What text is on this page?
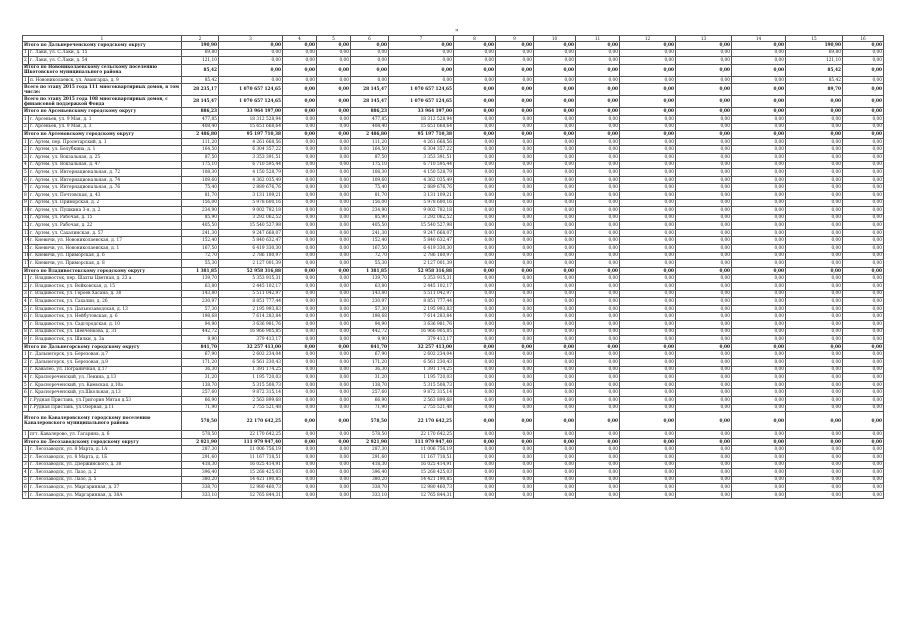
"
1		2	3	4	5	6	7	8	9	10	11	12	13	14	15	16
Итого по Дальнереченскому городскому округу		190,90	0,00	0,00	0,00	0,00	0,00	0,00	0,00	0,00	0,00	0,00	0,00	0,00	190,90	0,00
1	г. Лаки, ул. С.Лаки, д. 15	69,80	0,00	0,00	0,00	0,00	0,00	0,00	0,00	0,00	0,00	0,00	0,00	0,00	69,80	0,00
2	г. Лаки, ул. С.Лаки, д. 54	121,10	0,00	0,00	0,00	0,00	0,00	0,00	0,00	0,00	0,00	0,00	0,00	0,00	121,10	0,00
Итого по Новониколаевскому сельскому поселению Шкотовского муниципального района		85,42	0,00	0,00	0,00	0,00	0,00	0,00	0,00	0,00	0,00	0,00	0,00	0,00	85,42	0,00
1	п. Новониколаевск, ул. Авангарда, д. 9	85,42	0,00	0,00	0,00	0,00	0,00	0,00	0,00	0,00	0,00	0,00	0,00	0,00	85,42	0,00
Всего по этапу 2015 года 111 многоквартирных домов, в том числе:		28 235,17	1 070 657 124,65	0,00	0,00	28 145,47	1 070 657 124,65	0,00	0,00	0,00	0,00	0,00	0,00	0,00	89,70	0,00
Всего по этапу 2015 года 108 многоквартирных домов, с финансовой поддержкой Фонда		28 145,47	1 070 657 124,65	0,00	0,00	28 145,47	1 070 657 124,65	0,00	0,00	0,00	0,00	0,00	0,00	0,00	0,00	0,00
Итого по Арсеньевскому городскому округу		886,23	33 964 197,00	0,00	0,00	886,23	33 964 197,00	0,00	0,00	0,00	0,00	0,00	0,00	0,00	0,00	0,00
1	г. Арсеньев, ул. 9 Мая, д. 1	477,85	18 312 528,94	0,00	0,00	477,85	18 312 528,94	0,00	0,00	0,00	0,00	0,00	0,00	0,00	0,00	0,00
2	г. Арсеньев, ул. 9 Мая, д. 3	408,40	15 651 668,64	0,00	0,00	408,40	15 651 668,64	0,00	0,00	0,00	0,00	0,00	0,00	0,00	0,00	0,00
Итого по Артемовскому городскому округу		2 486,80	95 197 710,38	0,00	0,00	2 486,80	95 197 710,38	0,00	0,00	0,00	0,00	0,00	0,00	0,00	0,00	0,00
1	г. Артем, пер. Пролетарский, д. 1	111,20	4 261 668,56	0,00	0,00	111,20	4 261 668,56	0,00	0,00	0,00	0,00	0,00	0,00	0,00	0,00	0,00
2	г. Артем, ул. Белубкина, д. 1	164,50	6 304 357,22	0,00	0,00	164,50	6 304 357,22	0,00	0,00	0,00	0,00	0,00	0,00	0,00	0,00	0,00
3	г. Артем, ул. Вокзальная, д. 25	87,50	3 353 391,51	0,00	0,00	87,50	3 353 391,51	0,00	0,00	0,00	0,00	0,00	0,00	0,00	0,00	0,00
4	г. Артем, ул. Вокзальная, д. 47	175,10	6 710 595,44	0,00	0,00	175,10	6 710 595,44	0,00	0,00	0,00	0,00	0,00	0,00	0,00	0,00	0,00
5	г. Артем, ул. Интернациональная, д. 72	108,30	4 150 528,79	0,00	0,00	108,30	4 150 528,79	0,00	0,00	0,00	0,00	0,00	0,00	0,00	0,00	0,00
6	г. Артем, ул. Интернациональная, д. 74	109,60	4 362 035,49	0,00	0,00	109,60	4 362 035,49	0,00	0,00	0,00	0,00	0,00	0,00	0,00	0,00	0,00
7	г. Артем, ул. Интернациональная, д. 76	75,40	2 889 676,76	0,00	0,00	75,40	2 889 676,76	0,00	0,00	0,00	0,00	0,00	0,00	0,00	0,00	0,00
8	г. Артем, ул. Почтовская, д. 43	81,70	3 131 109,21	0,00	0,00	81,70	3 131 109,21	0,00	0,00	0,00	0,00	0,00	0,00	0,00	0,00	0,00
9	г. Артем, ул. Приморская, д. 2	156,00	5 978 600,16	0,00	0,00	156,00	5 978 600,16	0,00	0,00	0,00	0,00	0,00	0,00	0,00	0,00	0,00
10	г. Артем, ул. Пушкина 3-я, д. 2	234,90	9 002 782,18	0,00	0,00	234,90	9 002 782,18	0,00	0,00	0,00	0,00	0,00	0,00	0,00	0,00	0,00
11	г. Артем, ул. Рабочая, д. 15	85,90	3 292 062,52	0,00	0,00	85,90	3 292 062,52	0,00	0,00	0,00	0,00	0,00	0,00	0,00	0,00	0,00
12	г. Артем, ул. Рабочая, д. 22	405,50	15 540 527,98	0,00	0,00	405,50	15 540 527,98	0,00	0,00	0,00	0,00	0,00	0,00	0,00	0,00	0,00
13	г. Артем, ул. Сахалинская, д. 57	241,30	9 247 668,07	0,00	0,00	241,30	9 247 668,07	0,00	0,00	0,00	0,00	0,00	0,00	0,00	0,00	0,00
14	г. Кневичи, ул. Новониколаевская, д. 17	152,40	5 840 632,47	0,00	0,00	152,40	5 840 632,47	0,00	0,00	0,00	0,00	0,00	0,00	0,00	0,00	0,00
15	г. Кневичи, ул. Новониколаевская, д. 1	167,50	6 419 330,30	0,00	0,00	167,50	6 419 330,30	0,00	0,00	0,00	0,00	0,00	0,00	0,00	0,00	0,00
16	г. Кневичи, ул. Приморская, д. 6	72,70	2 786 180,97	0,00	0,00	72,70	2 786 180,97	0,00	0,00	0,00	0,00	0,00	0,00	0,00	0,00	0,00
17	г. Кневичи, ул. Приморская, д. 8	55,30	2 127 001,39	0,00	0,00	55,30	2 127 001,39	0,00	0,00	0,00	0,00	0,00	0,00	0,00	0,00	0,00
Итого по Владивостокскому городскому округу		1 381,85	52 958 316,88	0,00	0,00	1 381,85	52 958 316,88	0,00	0,00	0,00	0,00	0,00	0,00	0,00	0,00	0,00
1	г. Владивосток, пер. Шахты Цветная, д. 23 а	139,70	5 353 915,31	0,00	0,00	139,70	5 353 915,31	0,00	0,00	0,00	0,00	0,00	0,00	0,00	0,00	0,00
2	г. Владивосток, ул. Войковская, д. 15	63,80	2 445 102,17	0,00	0,00	63,80	2 445 102,17	0,00	0,00	0,00	0,00	0,00	0,00	0,00	0,00	0,00
3	г. Владивосток, ул. Героев Хасана, д. 30	143,80	5 511 042,97	0,00	0,00	143,80	5 511 042,97	0,00	0,00	0,00	0,00	0,00	0,00	0,00	0,00	0,00
4	г. Владивосток, ул. Сахалин, д. 26	230,97	8 851 777,44	0,00	0,00	230,97	8 851 777,44	0,00	0,00	0,00	0,00	0,00	0,00	0,00	0,00	0,00
5	г. Владивосток, ул. Дальнозаводская, д. 13	57,30	2 195 993,83	0,00	0,00	57,30	2 195 993,83	0,00	0,00	0,00	0,00	0,00	0,00	0,00	0,00	0,00
6	г. Владивосток, ул. Нейбутовская, д. 6	198,68	7 614 283,84	0,00	0,00	198,68	7 614 283,84	0,00	0,00	0,00	0,00	0,00	0,00	0,00	0,00	0,00
7	г. Владивосток, ул. Садгородская, д. 10	94,90	3 636 981,76	0,00	0,00	94,90	3 636 981,76	0,00	0,00	0,00	0,00	0,00	0,00	0,00	0,00	0,00
8	г. Владивосток, ул. Шевченкова, д. 31	442,72	16 966 905,85	0,00	0,00	442,72	16 966 905,85	0,00	0,00	0,00	0,00	0,00	0,00	0,00	0,00	0,00
9	г. Владивосток, ул. Шилки, д. 3а	9,90	379 413,17	0,00	0,00	9,90	379 413,17	0,00	0,00	0,00	0,00	0,00	0,00	0,00	0,00	0,00
Итого по Дальнегорскому городскому округу		841,70	32 257 413,00	0,00	0,00	841,70	32 257 413,00	0,00	0,00	0,00	0,00	0,00	0,00	0,00	0,00	0,00
1	г. Дальнегорск, ул. Березовая, д.7	67,90	2 602 234,04	0,00	0,00	67,90	2 602 234,04	0,00	0,00	0,00	0,00	0,00	0,00	0,00	0,00	0,00
2	г. Дальнегорск, ул. Березовая, д.9	171,20	6 561 230,43	0,00	0,00	171,20	6 561 230,43	0,00	0,00	0,00	0,00	0,00	0,00	0,00	0,00	0,00
3	г. Кавалео, ул. Пограничная, д.17	36,30	1 391 174,25	0,00	0,00	36,30	1 391 174,25	0,00	0,00	0,00	0,00	0,00	0,00	0,00	0,00	0,00
4	г. Краснореченский, ул. Ленина, д.13	31,20	1 195 720,03	0,00	0,00	31,20	1 195 720,03	0,00	0,00	0,00	0,00	0,00	0,00	0,00	0,00	0,00
5	г. Краснореченский, ул. Киевская, д.10а	138,70	5 315 508,73	0,00	0,00	138,70	5 315 508,73	0,00	0,00	0,00	0,00	0,00	0,00	0,00	0,00	0,00
6	г. Краснореченский, ул.Школьная, д.13	257,60	9 872 315,14	0,00	0,00	257,60	9 872 315,14	0,00	0,00	0,00	0,00	0,00	0,00	0,00	0,00	0,00
7	г.Рудная Пристань, ул.Григория Мятая д.53	66,90	2 563 899,68	0,00	0,00	66,90	2 563 899,68	0,00	0,00	0,00	0,00	0,00	0,00	0,00	0,00	0,00
8	г.Рудная Пристань, ул.Озерная, д.11	71,90	2 755 521,48	0,00	0,00	71,90	2 755 521,48	0,00	0,00	0,00	0,00	0,00	0,00	0,00	0,00	0,00
Итого по Кавалеровскому городскому поселению Кавалеровского муниципального района		578,50	22 170 642,25	0,00	0,00	578,50	22 170 642,25	0,00	0,00	0,00	0,00	0,00	0,00	0,00	0,00	0,00
1	пгт. Кавалерово, ул. Гагарина, д. 6	578,50	22 170 642,25	0,00	0,00	578,50	22 170 642,25	0,00	0,00	0,00	0,00	0,00	0,00	0,00	0,00	0,00
Итого по Лесозаводскому городскому округу		2 921,90	111 979 947,40	0,00	0,00	2 921,90	111 979 947,40	0,00	0,00	0,00	0,00	0,00	0,00	0,00	0,00	0,00
1	г. Лесозаводск, ул. 8 Марта, д. 1А	287,30	11 006 756,19	0,00	0,00	287,30	11 006 756,19	0,00	0,00	0,00	0,00	0,00	0,00	0,00	0,00	0,00
2	г. Лесозаводск, ул. 8 Марта, д. 1Б	291,60	11 167 718,51	0,00	0,00	291,60	11 167 718,51	0,00	0,00	0,00	0,00	0,00	0,00	0,00	0,00	0,00
3	г. Лесозаводск, ул. Дзержинского, д. 30	418,30	16 025 414,91	0,00	0,00	418,30	16 025 414,91	0,00	0,00	0,00	0,00	0,00	0,00	0,00	0,00	0,00
4	г. Лесозаводск, ул. Лазо, д. 2	396,40	15 268 425,03	0,00	0,00	396,40	15 268 425,03	0,00	0,00	0,00	0,00	0,00	0,00	0,00	0,00	0,00
5	г. Лесозаводск, ул. Лазо, д. 5	380,20	14 421 190,85	0,00	0,00	380,20	14 421 190,85	0,00	0,00	0,00	0,00	0,00	0,00	0,00	0,00	0,00
6	г. Лесозаводск, ул. Маргаринная, д. 37	338,70	12 980 460,73	0,00	0,00	338,70	12 980 460,73	0,00	0,00	0,00	0,00	0,00	0,00	0,00	0,00	0,00
7	г. Лесозаводск, ул. Маргаринная, д. 38А	333,10	12 765 844,31	0,00	0,00	333,10	12 765 844,31	0,00	0,00	0,00	0,00	0,00	0,00	0,00	0,00	0,00
